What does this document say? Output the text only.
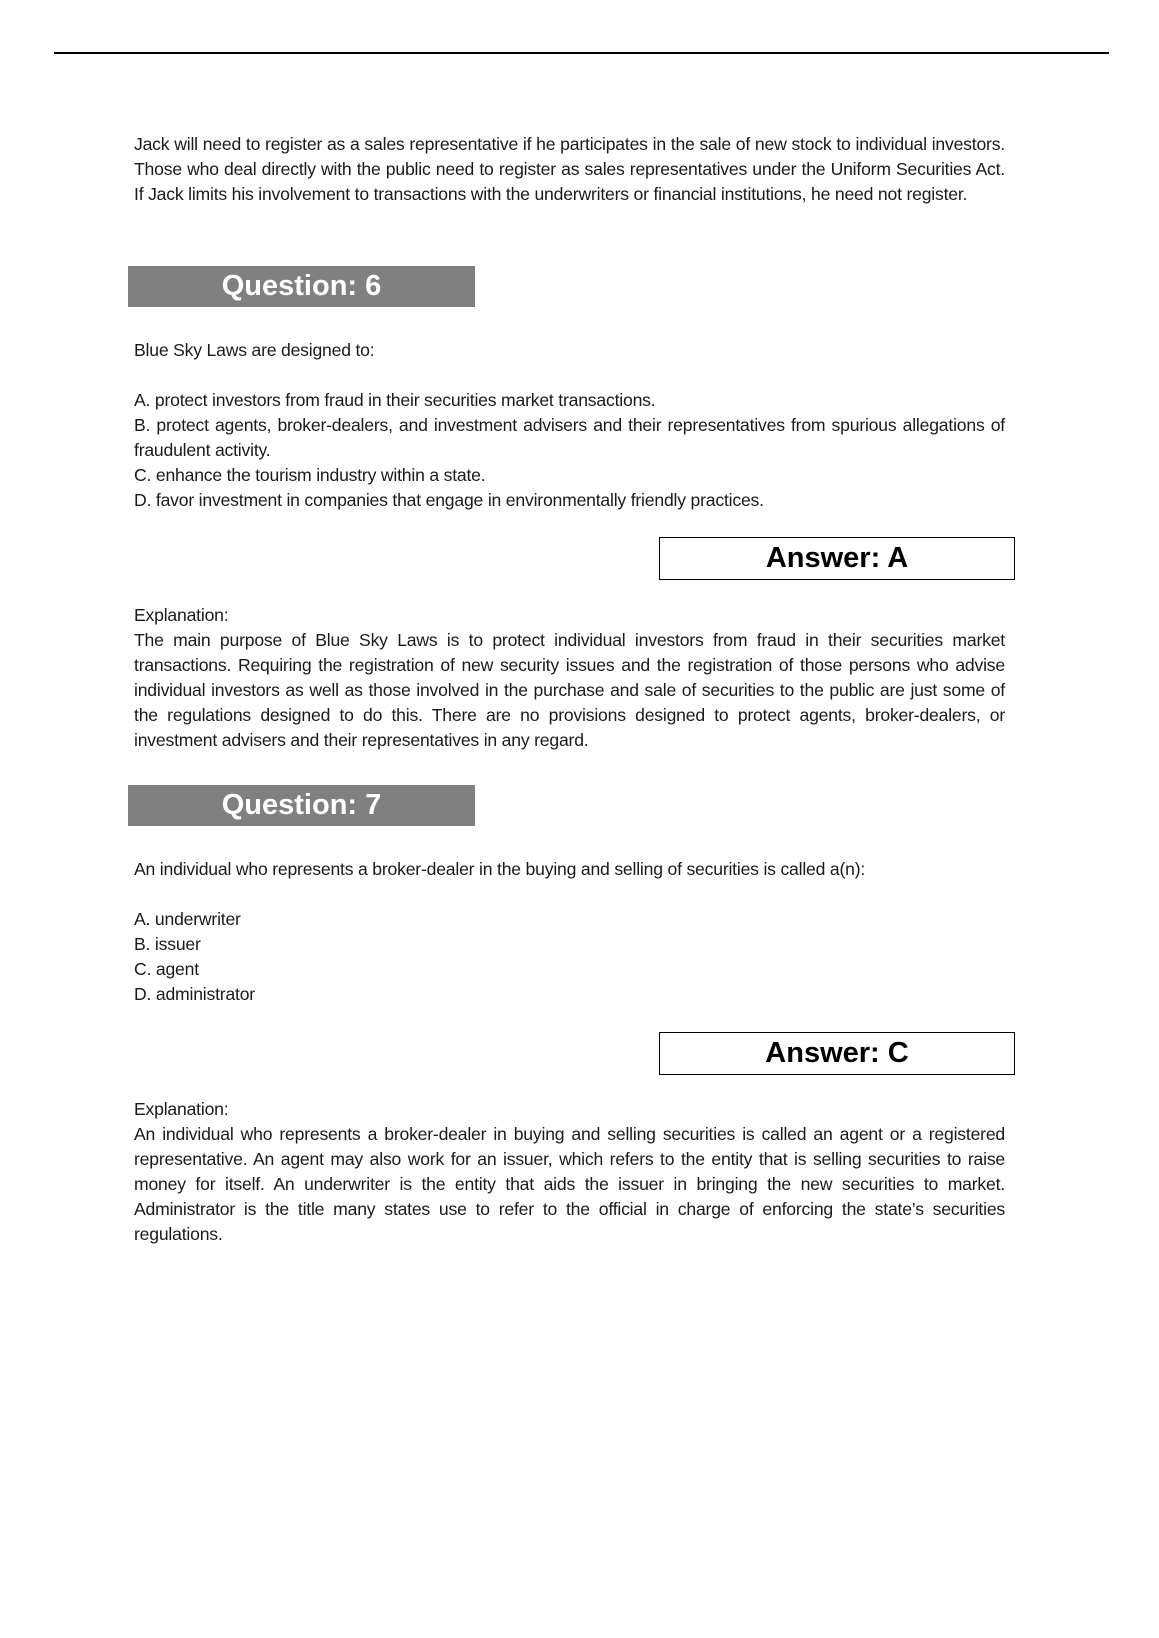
Jack will need to register as a sales representative if he participates in the sale of new stock to individual investors. Those who deal directly with the public need to register as sales representatives under the Uniform Securities Act. If Jack limits his involvement to transactions with the underwriters or financial institutions, he need not register.

Question: 6

Blue Sky Laws are designed to:

A. protect investors from fraud in their securities market transactions.
B. protect agents, broker-dealers, and investment advisers and their representatives from spurious allegations of fraudulent activity.
C. enhance the tourism industry within a state.
D. favor investment in companies that engage in environmentally friendly practices.
Answer: A

Explanation:

The main purpose of Blue Sky Laws is to protect individual investors from fraud in their securities market transactions. Requiring the registration of new security issues and the registration of those persons who advise individual investors as well as those involved in the purchase and sale of securities to the public are just some of the regulations designed to do this. There are no provisions designed to protect agents, broker-dealers, or investment advisers and their representatives in any regard.

Question: 7

An individual who represents a broker-dealer in the buying and selling of securities is called a(n):

A. underwriter
B. issuer
C. agent
D. administrator
Answer: C

Explanation:

An individual who represents a broker-dealer in buying and selling securities is called an agent or a registered representative. An agent may also work for an issuer, which refers to the entity that is selling securities to raise money for itself. An underwriter is the entity that aids the issuer in bringing the new securities to market. Administrator is the title many states use to refer to the official in charge of enforcing the state’s securities regulations.
